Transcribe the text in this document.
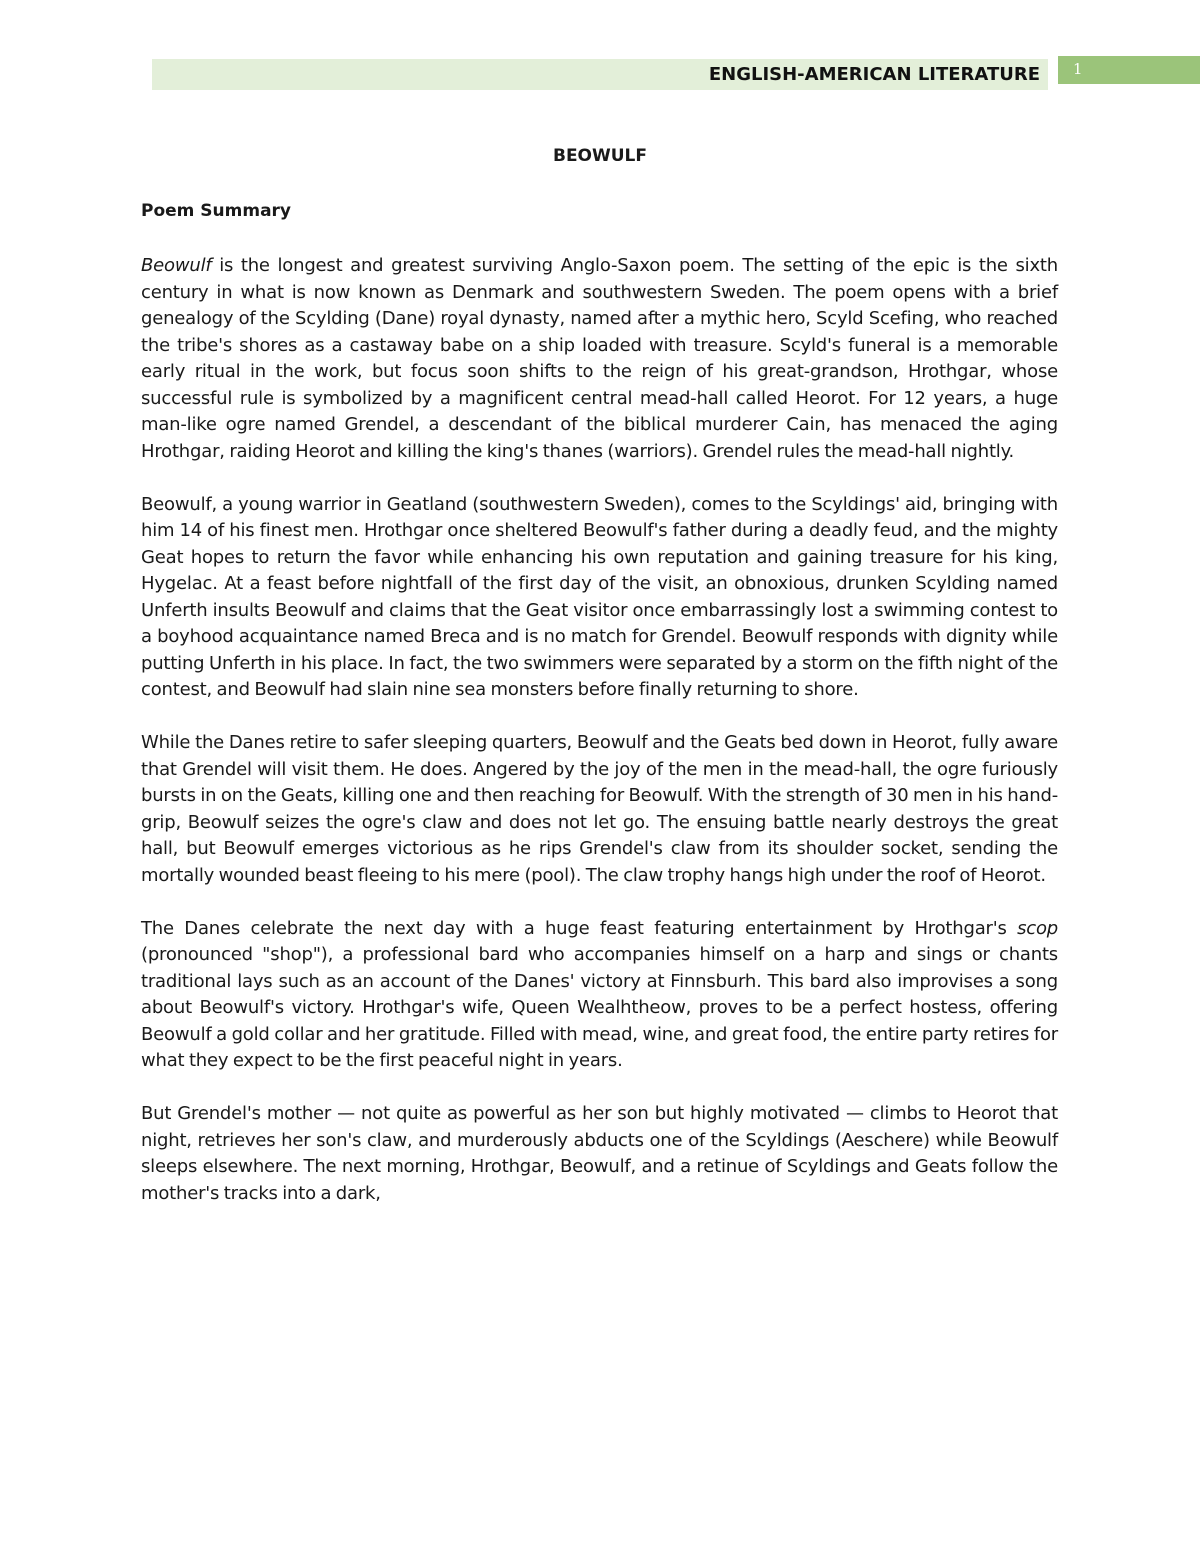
ENGLISH-AMERICAN LITERATURE 1
BEOWULF
Poem Summary

Beowulf is the longest and greatest surviving Anglo-Saxon poem. The setting of the epic is the sixth century in what is now known as Denmark and southwestern Sweden. The poem opens with a brief genealogy of the Scylding (Dane) royal dynasty, named after a mythic hero, Scyld Scefing, who reached the tribe's shores as a castaway babe on a ship loaded with treasure. Scyld's funeral is a memorable early ritual in the work, but focus soon shifts to the reign of his great-grandson, Hrothgar, whose successful rule is symbolized by a magnificent central mead-hall called Heorot. For 12 years, a huge man-like ogre named Grendel, a descendant of the biblical murderer Cain, has menaced the aging Hrothgar, raiding Heorot and killing the king's thanes (warriors). Grendel rules the mead-hall nightly.

Beowulf, a young warrior in Geatland (southwestern Sweden), comes to the Scyldings' aid, bringing with him 14 of his finest men. Hrothgar once sheltered Beowulf's father during a deadly feud, and the mighty Geat hopes to return the favor while enhancing his own reputation and gaining treasure for his king, Hygelac. At a feast before nightfall of the first day of the visit, an obnoxious, drunken Scylding named Unferth insults Beowulf and claims that the Geat visitor once embarrassingly lost a swimming contest to a boyhood acquaintance named Breca and is no match for Grendel. Beowulf responds with dignity while putting Unferth in his place. In fact, the two swimmers were separated by a storm on the fifth night of the contest, and Beowulf had slain nine sea monsters before finally returning to shore.

While the Danes retire to safer sleeping quarters, Beowulf and the Geats bed down in Heorot, fully aware that Grendel will visit them. He does. Angered by the joy of the men in the mead-hall, the ogre furiously bursts in on the Geats, killing one and then reaching for Beowulf. With the strength of 30 men in his hand-grip, Beowulf seizes the ogre's claw and does not let go. The ensuing battle nearly destroys the great hall, but Beowulf emerges victorious as he rips Grendel's claw from its shoulder socket, sending the mortally wounded beast fleeing to his mere (pool). The claw trophy hangs high under the roof of Heorot.

The Danes celebrate the next day with a huge feast featuring entertainment by Hrothgar's scop (pronounced "shop"), a professional bard who accompanies himself on a harp and sings or chants traditional lays such as an account of the Danes' victory at Finnsburh. This bard also improvises a song about Beowulf's victory. Hrothgar's wife, Queen Wealhtheow, proves to be a perfect hostess, offering Beowulf a gold collar and her gratitude. Filled with mead, wine, and great food, the entire party retires for what they expect to be the first peaceful night in years.

But Grendel's mother — not quite as powerful as her son but highly motivated — climbs to Heorot that night, retrieves her son's claw, and murderously abducts one of the Scyldings (Aeschere) while Beowulf sleeps elsewhere. The next morning, Hrothgar, Beowulf, and a retinue of Scyldings and Geats follow the mother's tracks into a dark,
